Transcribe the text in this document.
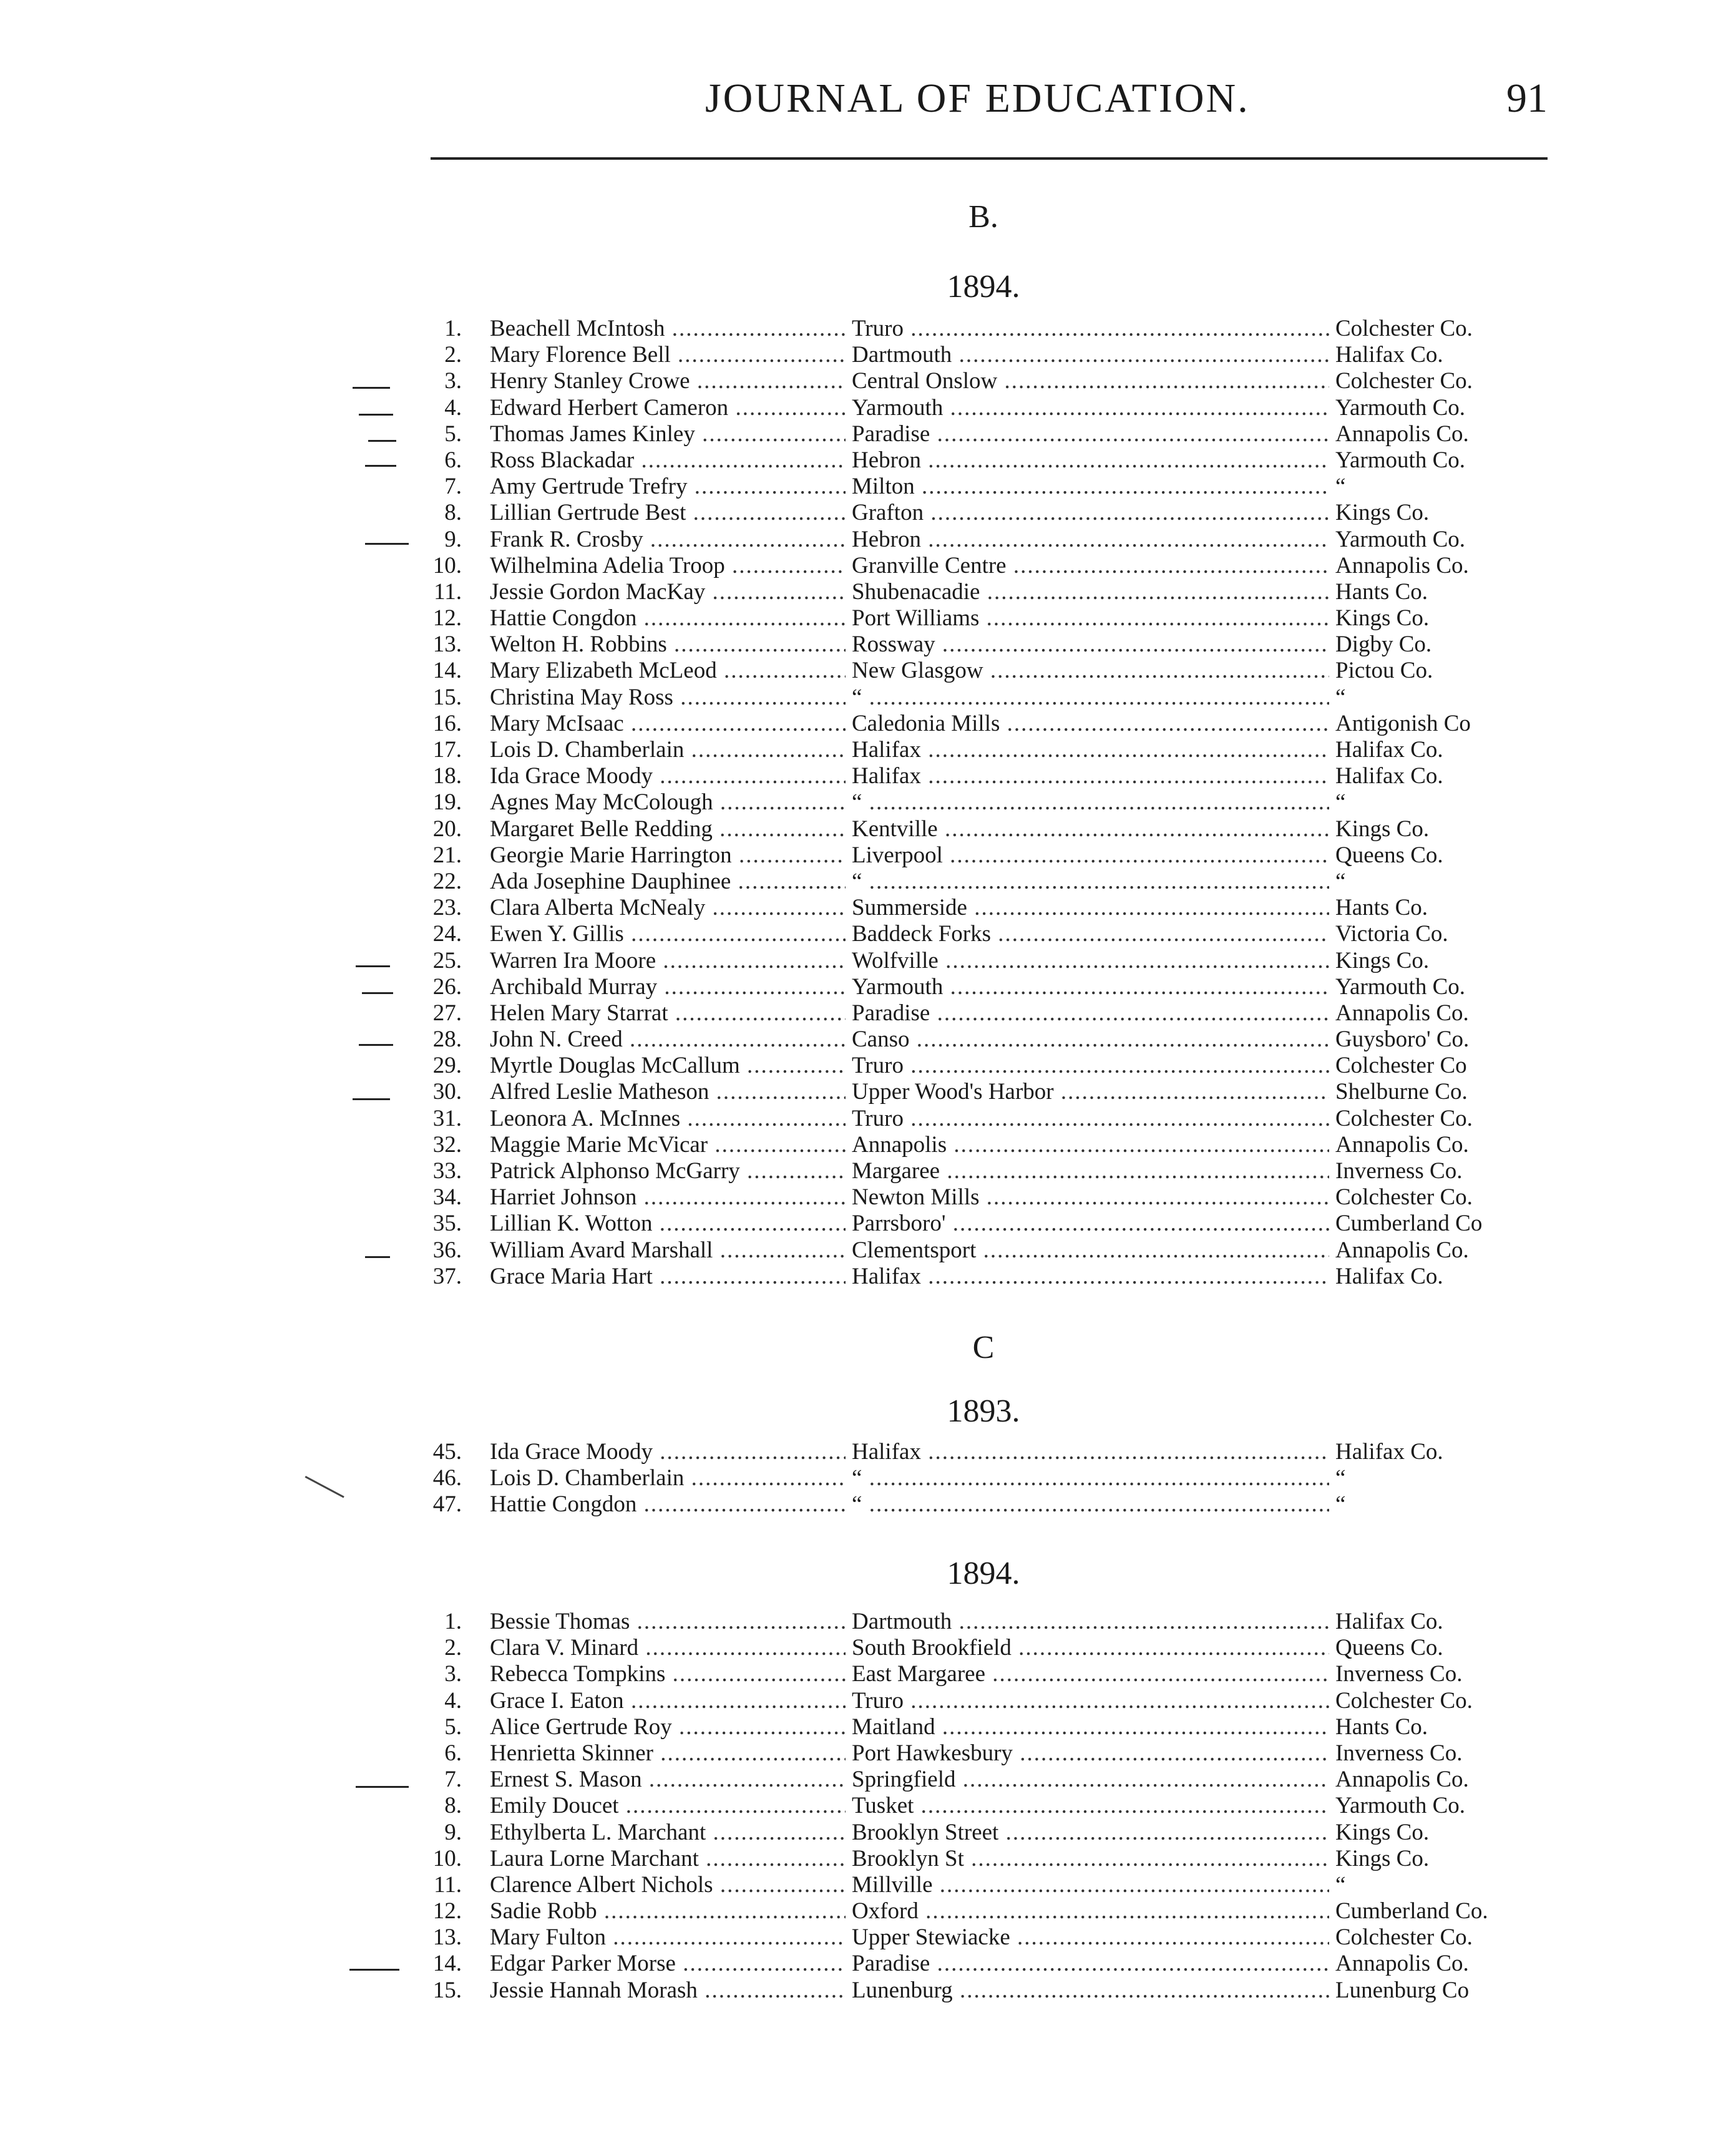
JOURNAL OF EDUCATION.	91
B.
1894.
1. Beachell McIntosh .....	Truro .....	Colchester Co.
2. Mary Florence Bell .....	Dartmouth .....	Halifax Co.
3. Henry Stanley Crowe .....	Central Onslow .....	Colchester Co.
4. Edward Herbert Cameron .....	Yarmouth .....	Yarmouth Co.
5. Thomas James Kinley .....	Paradise .....	Annapolis Co.
6. Ross Blackadar .....	Hebron .....	Yarmouth Co.
7. Amy Gertrude Trefry .....	Milton .....	“
8. Lillian Gertrude Best .....	Grafton .....	Kings Co.
9. Frank R. Crosby .....	Hebron .....	Yarmouth Co.
10. Wilhelmina Adelia Troop .....	Granville Centre .....	Annapolis Co.
11. Jessie Gordon MacKay .....	Shubenacadie .....	Hants Co.
12. Hattie Congdon .....	Port Williams .....	Kings Co.
13. Welton H. Robbins .....	Rossway .....	Digby Co.
14. Mary Elizabeth McLeod .....	New Glasgow .....	Pictou Co.
15. Christina May Ross .....	“ .....	“
16. Mary McIsaac .....	Caledonia Mills .....	Antigonish Co
17. Lois D. Chamberlain .....	Halifax .....	Halifax Co.
18. Ida Grace Moody .....	Halifax .....	Halifax Co.
19. Agnes May McColough .....	“ .....	“
20. Margaret Belle Redding .....	Kentville .....	Kings Co.
21. Georgie Marie Harrington .....	Liverpool .....	Queens Co.
22. Ada Josephine Dauphinee .....	“ .....	“
23. Clara Alberta McNealy .....	Summerside .....	Hants Co.
24. Ewen Y. Gillis .....	Baddeck Forks .....	Victoria Co.
25. Warren Ira Moore .....	Wolfville .....	Kings Co.
26. Archibald Murray .....	Yarmouth .....	Yarmouth Co.
27. Helen Mary Starrat .....	Paradise .....	Annapolis Co.
28. John N. Creed .....	Canso .....	Guysboro' Co.
29. Myrtle Douglas McCallum .....	Truro .....	Colchester Co
30. Alfred Leslie Matheson .....	Upper Wood's Harbor .....	Shelburne Co.
31. Leonora A. McInnes .....	Truro .....	Colchester Co.
32. Maggie Marie McVicar .....	Annapolis .....	Annapolis Co.
33. Patrick Alphonso McGarry .....	Margaree .....	Inverness Co.
34. Harriet Johnson .....	Newton Mills .....	Colchester Co.
35. Lillian K. Wotton .....	Parrsboro' .....	Cumberland Co
36. William Avard Marshall .....	Clementsport .....	Annapolis Co.
37. Grace Maria Hart .....	Halifax .....	Halifax Co.
C
1893.
45. Ida Grace Moody .....	Halifax .....	Halifax Co.
46. Lois D. Chamberlain .....	“ .....	“
47. Hattie Congdon .....	“ .....	“
1894.
1. Bessie Thomas .....	Dartmouth .....	Halifax Co.
2. Clara V. Minard .....	South Brookfield .....	Queens Co.
3. Rebecca Tompkins .....	East Margaree .....	Inverness Co.
4. Grace I. Eaton .....	Truro .....	Colchester Co.
5. Alice Gertrude Roy .....	Maitland .....	Hants Co.
6. Henrietta Skinner .....	Port Hawkesbury .....	Inverness Co.
7. Ernest S. Mason .....	Springfield .....	Annapolis Co.
8. Emily Doucet .....	Tusket .....	Yarmouth Co.
9. Ethylberta L. Marchant .....	Brooklyn Street .....	Kings Co.
10. Laura Lorne Marchant .....	Brooklyn St .....	Kings Co.
11. Clarence Albert Nichols .....	Millville .....	“
12. Sadie Robb .....	Oxford .....	Cumberland Co.
13. Mary Fulton .....	Upper Stewiacke .....	Colchester Co.
14. Edgar Parker Morse .....	Paradise .....	Annapolis Co.
15. Jessie Hannah Morash .....	Lunenburg .....	Lunenburg Co
